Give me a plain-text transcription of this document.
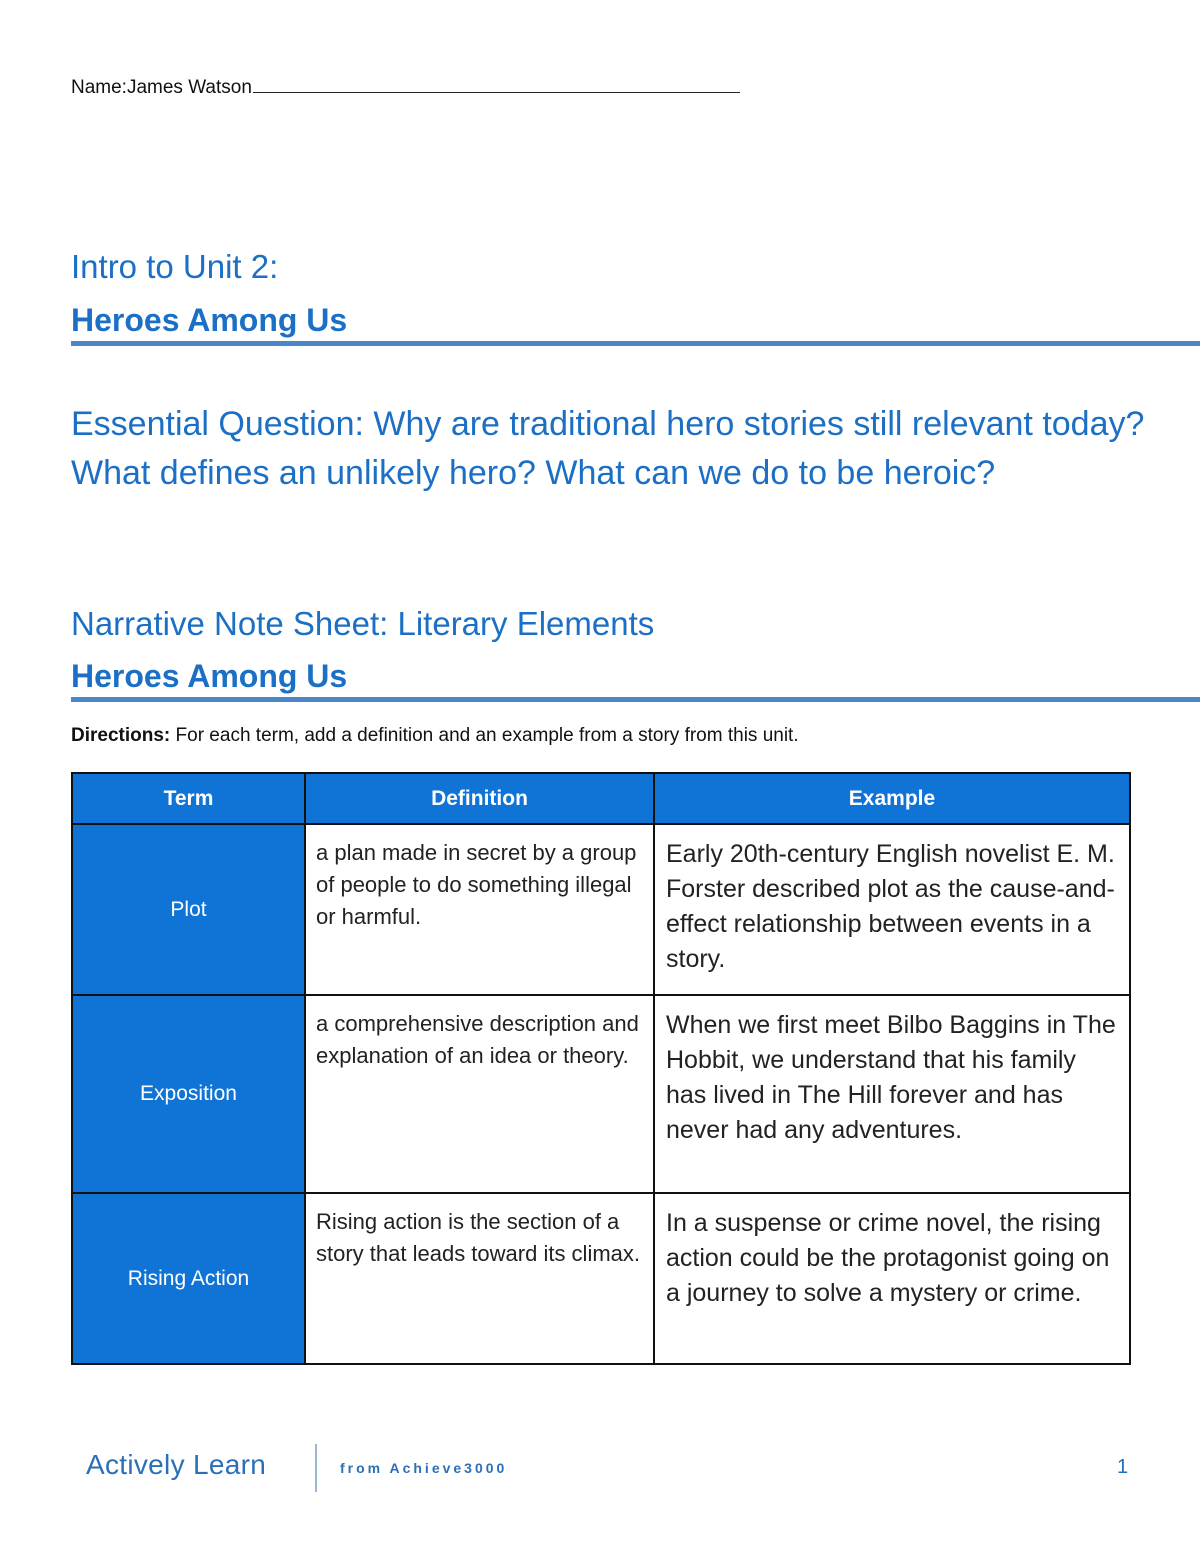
Name:James Watson
Intro to Unit 2:
Heroes Among Us
Essential Question: Why are traditional hero stories still relevant today? What defines an unlikely hero? What can we do to be heroic?
Narrative Note Sheet: Literary Elements
Heroes Among Us
Directions: For each term, add a definition and an example from a story from this unit.
Term	Definition	Example
Plot	a plan made in secret by a group of people to do something illegal or harmful.	Early 20th-century English novelist E. M. Forster described plot as the cause-and-effect relationship between events in a story.
Exposition	a comprehensive description and explanation of an idea or theory.	When we first meet Bilbo Baggins in The Hobbit, we understand that his family has lived in The Hill forever and has never had any adventures.
Rising Action	Rising action is the section of a story that leads toward its climax.	In a suspense or crime novel, the rising action could be the protagonist going on a journey to solve a mystery or crime.
Actively Learn	from Achieve3000	1
